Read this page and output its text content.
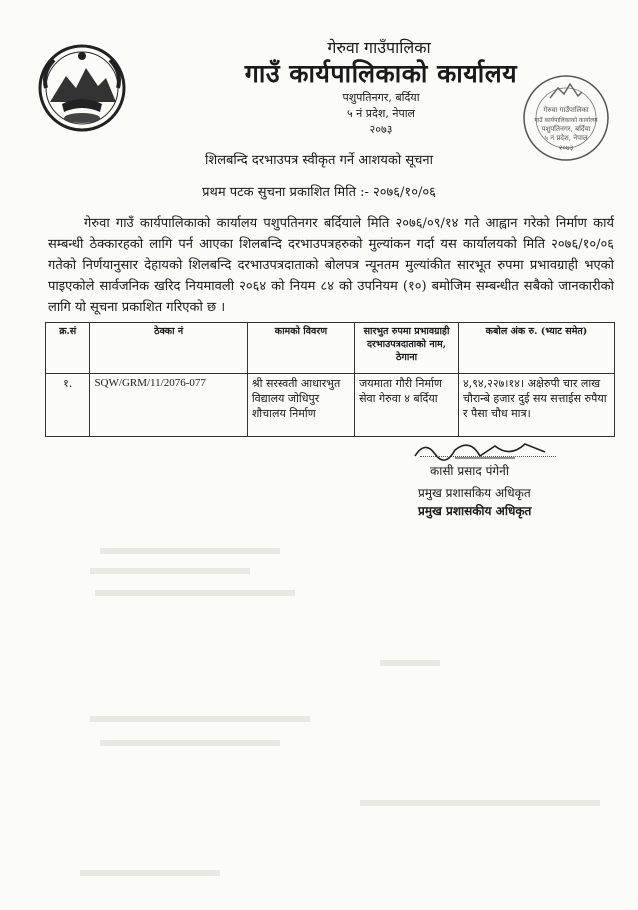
गेरुवा गाउँपालिका
गाउँ कार्यपालिकाको कार्यालय
पशुपतिनगर, बर्दिया
५ नं प्रदेश, नेपाल
२०७३
गेरुवा गाउँपालिका
गाउँ कार्यपालिकाको कार्यालय
पशुपतिनगर, बर्दिया
५ नं प्रदेश, नेपाल
२०७३
शिलबन्दि दरभाउपत्र स्वीकृत गर्ने आशयको सूचना
प्रथम पटक सुचना प्रकाशित मिति :- २०७६/१०/०६
गेरुवा गाउँ कार्यपालिकाको कार्यालय पशुपतिनगर बर्दियाले मिति २०७६/०९/१४ गते आह्वान गरेको निर्माण कार्य सम्बन्धी ठेक्कारहको लागि पर्न आएका शिलबन्दि दरभाउपत्रहरुको मुल्यांकन गर्दा यस कार्यालयको मिति २०७६/१०/०६ गतेको निर्णयानुसार देहायको शिलबन्दि दरभाउपत्रदाताको बोलपत्र न्यूनतम मुल्यांकीत सारभूत रुपमा प्रभावग्राही भएको पाइएकोले सार्वजनिक खरिद नियमावली २०६४ को नियम ८४ को उपनियम (१०) बमोजिम सम्बन्धीत सबैको जानकारीको लागि यो सूचना प्रकाशित गरिएको छ ।
क्र.सं	ठेक्का नं	कामको विवरण	सारभुत रुपमा प्रभावग्राही दरभाउपत्रदाताको नाम, ठेगाना	कबोल अंक रु. (भ्याट समेत)
१.	SQW/GRM/11/2076-077	श्री सरस्वती आधारभुत विद्यालय जोधिपुर शौचालय निर्माण	जयमाता गौरी निर्माण सेवा गेरुवा ४ बर्दिया	४,९४,२२७।१४। अक्षेरुपी चार लाख चौरान्बे हजार दुई सय सत्ताईस रुपैया र पैसा चौध मात्र।
कासी प्रसाद पंगेनी
प्रमुख प्रशासकिय अधिकृत
प्रमुख प्रशासकीय अधिकृत
